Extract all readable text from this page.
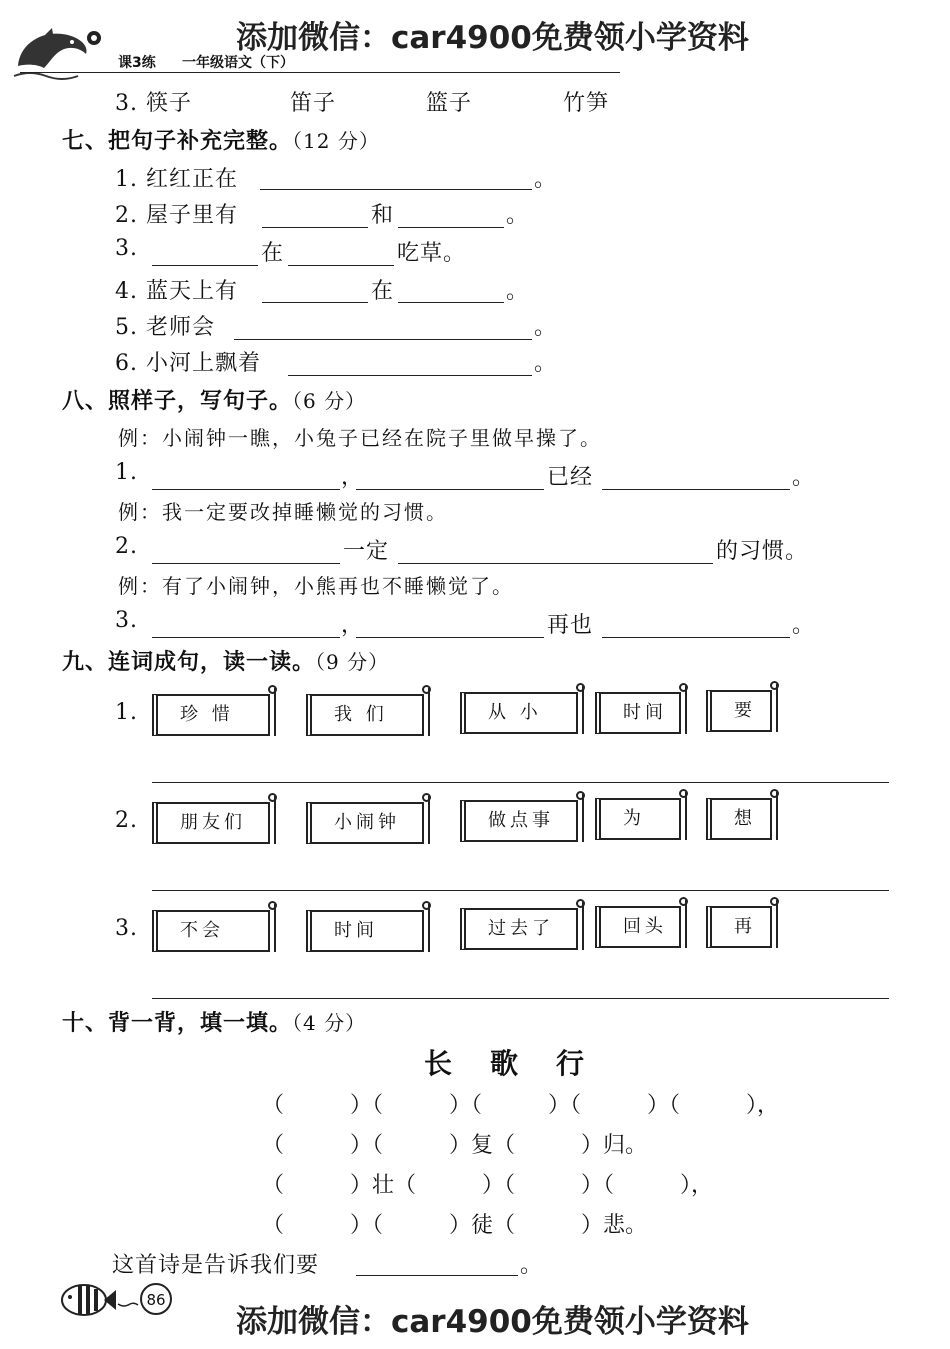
添加微信：car4900免费领小学资料
课3练 一年级语文（下）
3. 筷子	笛子	篮子	竹笋
七、把句子补充完整。（12 分）
1. 红红正在	。
2. 屋子里有	和	。
3.	在	吃草。
4. 蓝天上有	在	。
5. 老师会	。
6. 小河上飘着	。
八、照样子，写句子。（6 分）
例：小闹钟一瞧，小兔子已经在院子里做早操了。
1.	，	已经	。
例：我一定要改掉睡懒觉的习惯。
2.	一定	的习惯。
例：有了小闹钟，小熊再也不睡懒觉了。
3.	，	再也	。
九、连词成句，读一读。（9 分）
1.	珍 惜	我 们	从 小	时间	要
2.	朋友们	小闹钟	做点事	为	想
3.	不会	时间	过去了	回头	再
十、背一背，填一填。（4 分）
长歌行
（　　　）（　　　）（　　　）（　　　）（　　　），
（　　　）（　　　）复（　　　）归。
（　　　）壮（　　　）（　　　）（　　　），
（　　　）（　　　）徒（　　　）悲。
这首诗是告诉我们要	。
86
添加微信：car4900免费领小学资料
